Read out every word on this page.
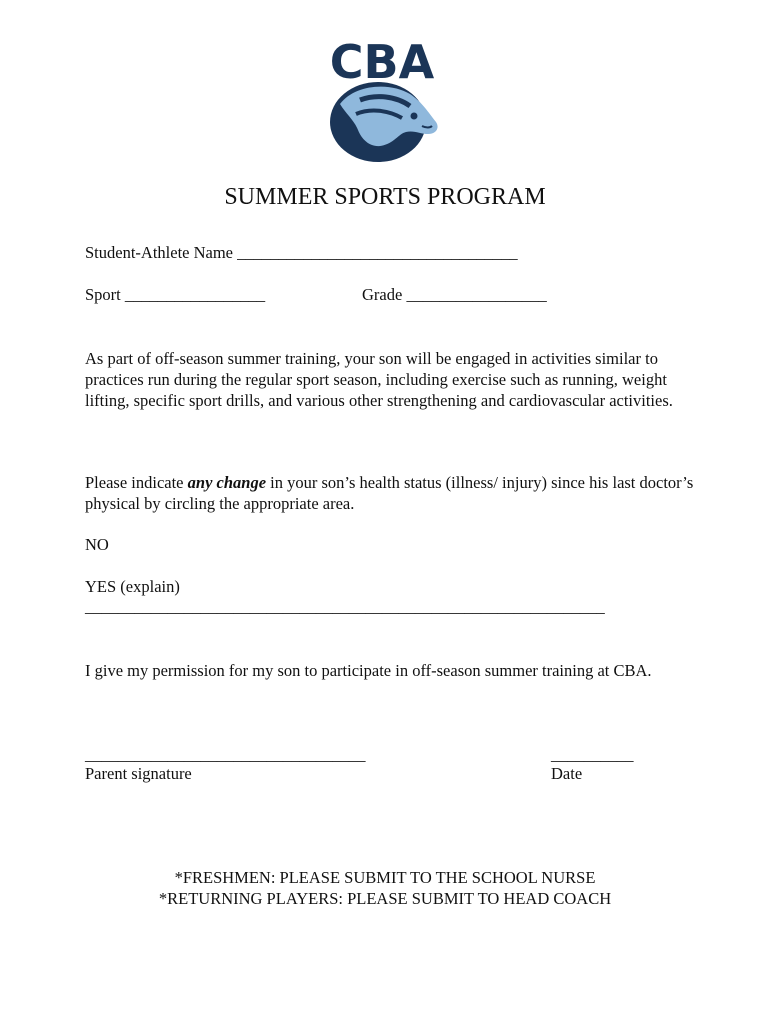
CBA
SUMMER SPORTS PROGRAM
Student-Athlete Name __________________________________
Sport _________________	Grade _________________
As part of off-season summer training, your son will be engaged in activities similar to practices run during the regular sport season, including exercise such as running, weight lifting, specific sport drills, and various other strengthening and cardiovascular activities.
Please indicate any change in your son’s health status (illness/ injury) since his last doctor’s physical by circling the appropriate area.
NO
YES (explain)
_______________________________________________________________
I give my permission for my son to participate in off-season summer training at CBA.
__________________________________
Parent signature
__________
Date
*FRESHMEN: PLEASE SUBMIT TO THE SCHOOL NURSE
*RETURNING PLAYERS: PLEASE SUBMIT TO HEAD COACH
